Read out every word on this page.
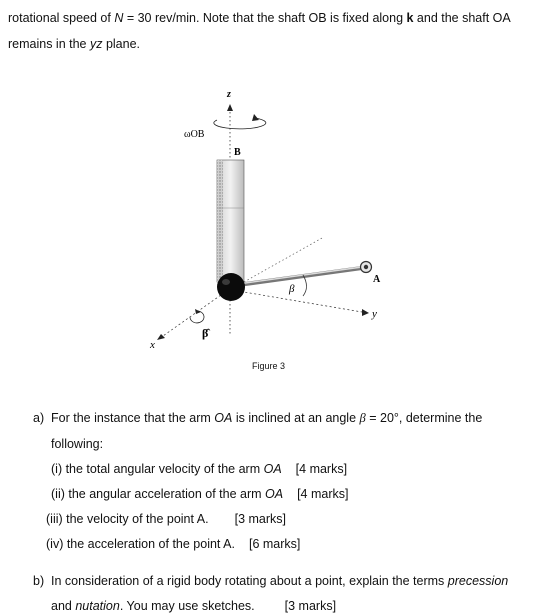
rotational speed of N = 30 rev/min. Note that the shaft OB is fixed along k and the shaft OA
remains in the yz plane.
z
ωOB
B
y
x
A
β
β̂
Figure 3
a) For the instance that the arm OA is inclined at an angle β = 20°, determine the
following:
(i) the total angular velocity of the arm OA [4 marks]
(ii) the angular acceleration of the arm OA [4 marks]
(iii) the velocity of the point A. [3 marks]
(iv) the acceleration of the point A. [6 marks]
b) In consideration of a rigid body rotating about a point, explain the terms precession
and nutation. You may use sketches. [3 marks]
